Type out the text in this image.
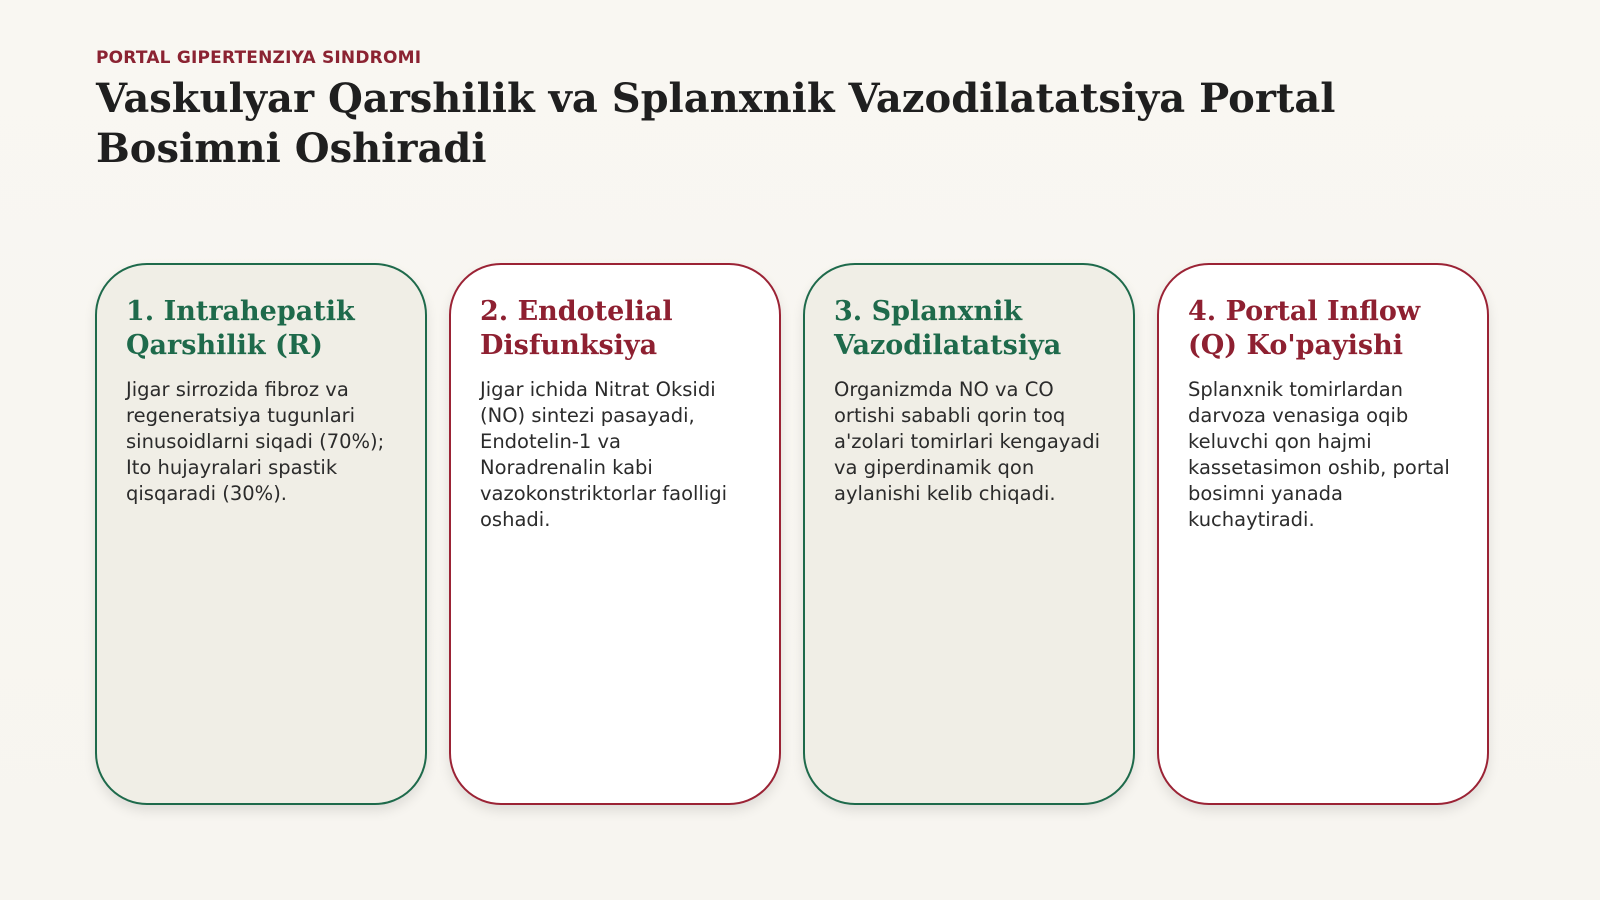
PORTAL GIPERTENZIYA SINDROMI

Vaskulyar Qarshilik va Splanxnik Vazodilatatsiya Portal Bosimni Oshiradi
1. Intrahepatik Qarshilik (R)

Jigar sirrozida fibroz va regeneratsiya tugunlari sinusoidlarni siqadi (70%); Ito hujayralari spastik qisqaradi (30%).

2. Endotelial Disfunksiya

Jigar ichida Nitrat Oksidi (NO) sintezi pasayadi, Endotelin-1 va Noradrenalin kabi vazokonstriktorlar faolligi oshadi.

3. Splanxnik Vazodilatatsiya

Organizmda NO va CO ortishi sababli qorin toq a'zolari tomirlari kengayadi va giperdinamik qon aylanishi kelib chiqadi.

4. Portal Inflow (Q) Ko'payishi

Splanxnik tomirlardan darvoza venasiga oqib keluvchi qon hajmi kassetasimon oshib, portal bosimni yanada kuchaytiradi.
